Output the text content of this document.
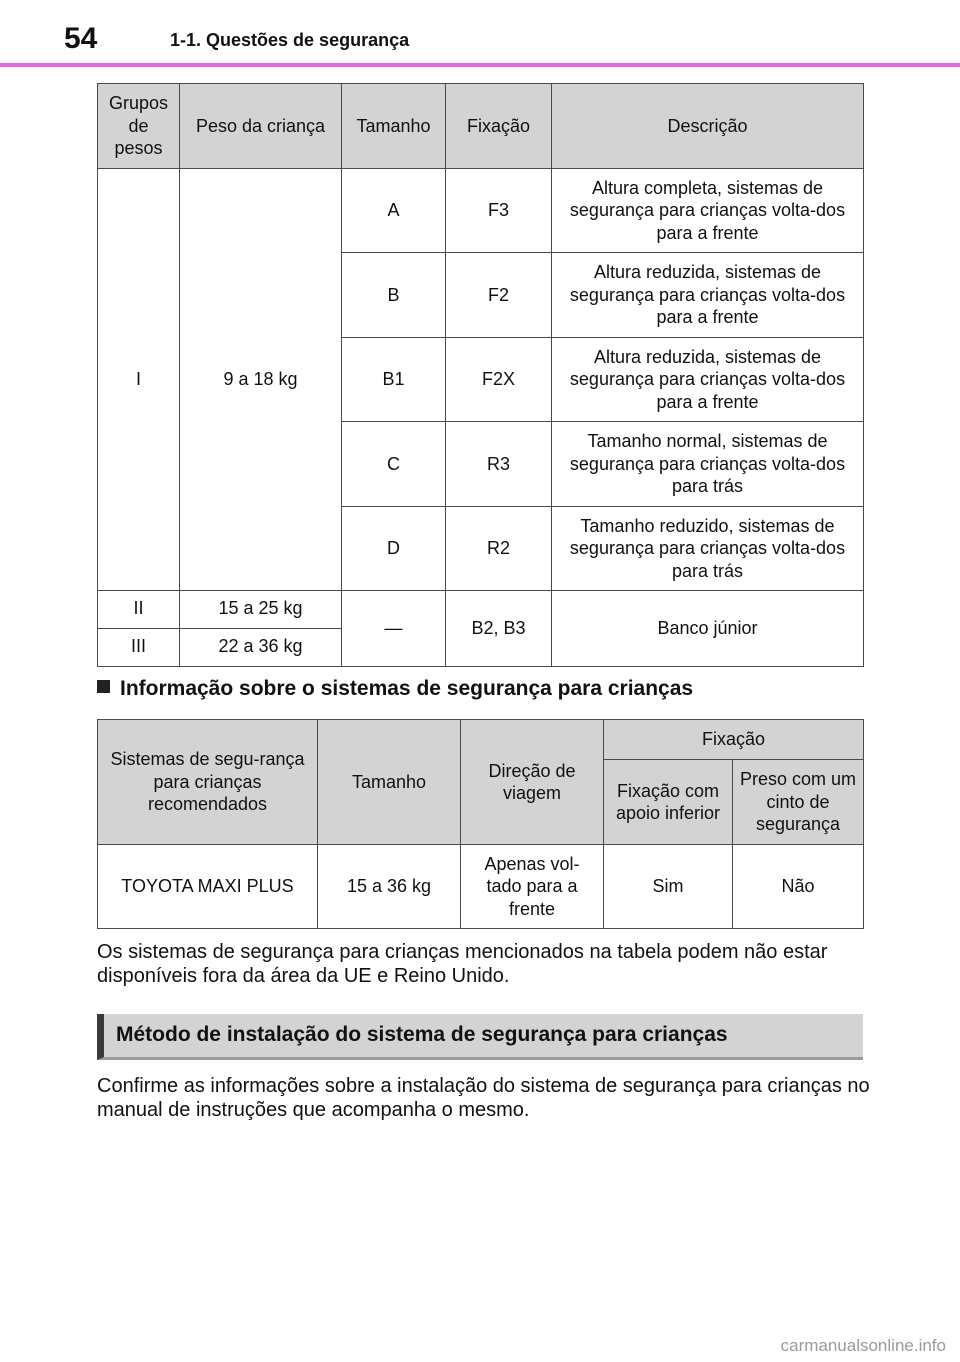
54	1-1. Questões de segurança
Grupos de pesos	Peso da criança	Tamanho	Fixação	Descrição
I	9 a 18 kg	A	F3	Altura completa, sistemas de segurança para crianças volta-dos para a frente
		B	F2	Altura reduzida, sistemas de segurança para crianças volta-dos para a frente
		B1	F2X	Altura reduzida, sistemas de segurança para crianças volta-dos para a frente
		C	R3	Tamanho normal, sistemas de segurança para crianças volta-dos para trás
		D	R2	Tamanho reduzido, sistemas de segurança para crianças volta-dos para trás
II	15 a 25 kg	—	B2, B3	Banco júnior
III	22 a 36 kg			
Informação sobre o sistemas de segurança para crianças
Sistemas de segu-rança para crianças recomendados	Tamanho	Direção de viagem	Fixação	
			Fixação com apoio inferior	Preso com um cinto de segurança
TOYOTA MAXI PLUS	15 a 36 kg	Apenas vol-tado para a frente	Sim	Não

Os sistemas de segurança para crianças mencionados na tabela podem não estar disponíveis fora da área da UE e Reino Unido.

Método de instalação do sistema de segurança para crianças

Confirme as informações sobre a instalação do sistema de segurança para crianças no manual de instruções que acompanha o mesmo.

carmanualsonline.info
